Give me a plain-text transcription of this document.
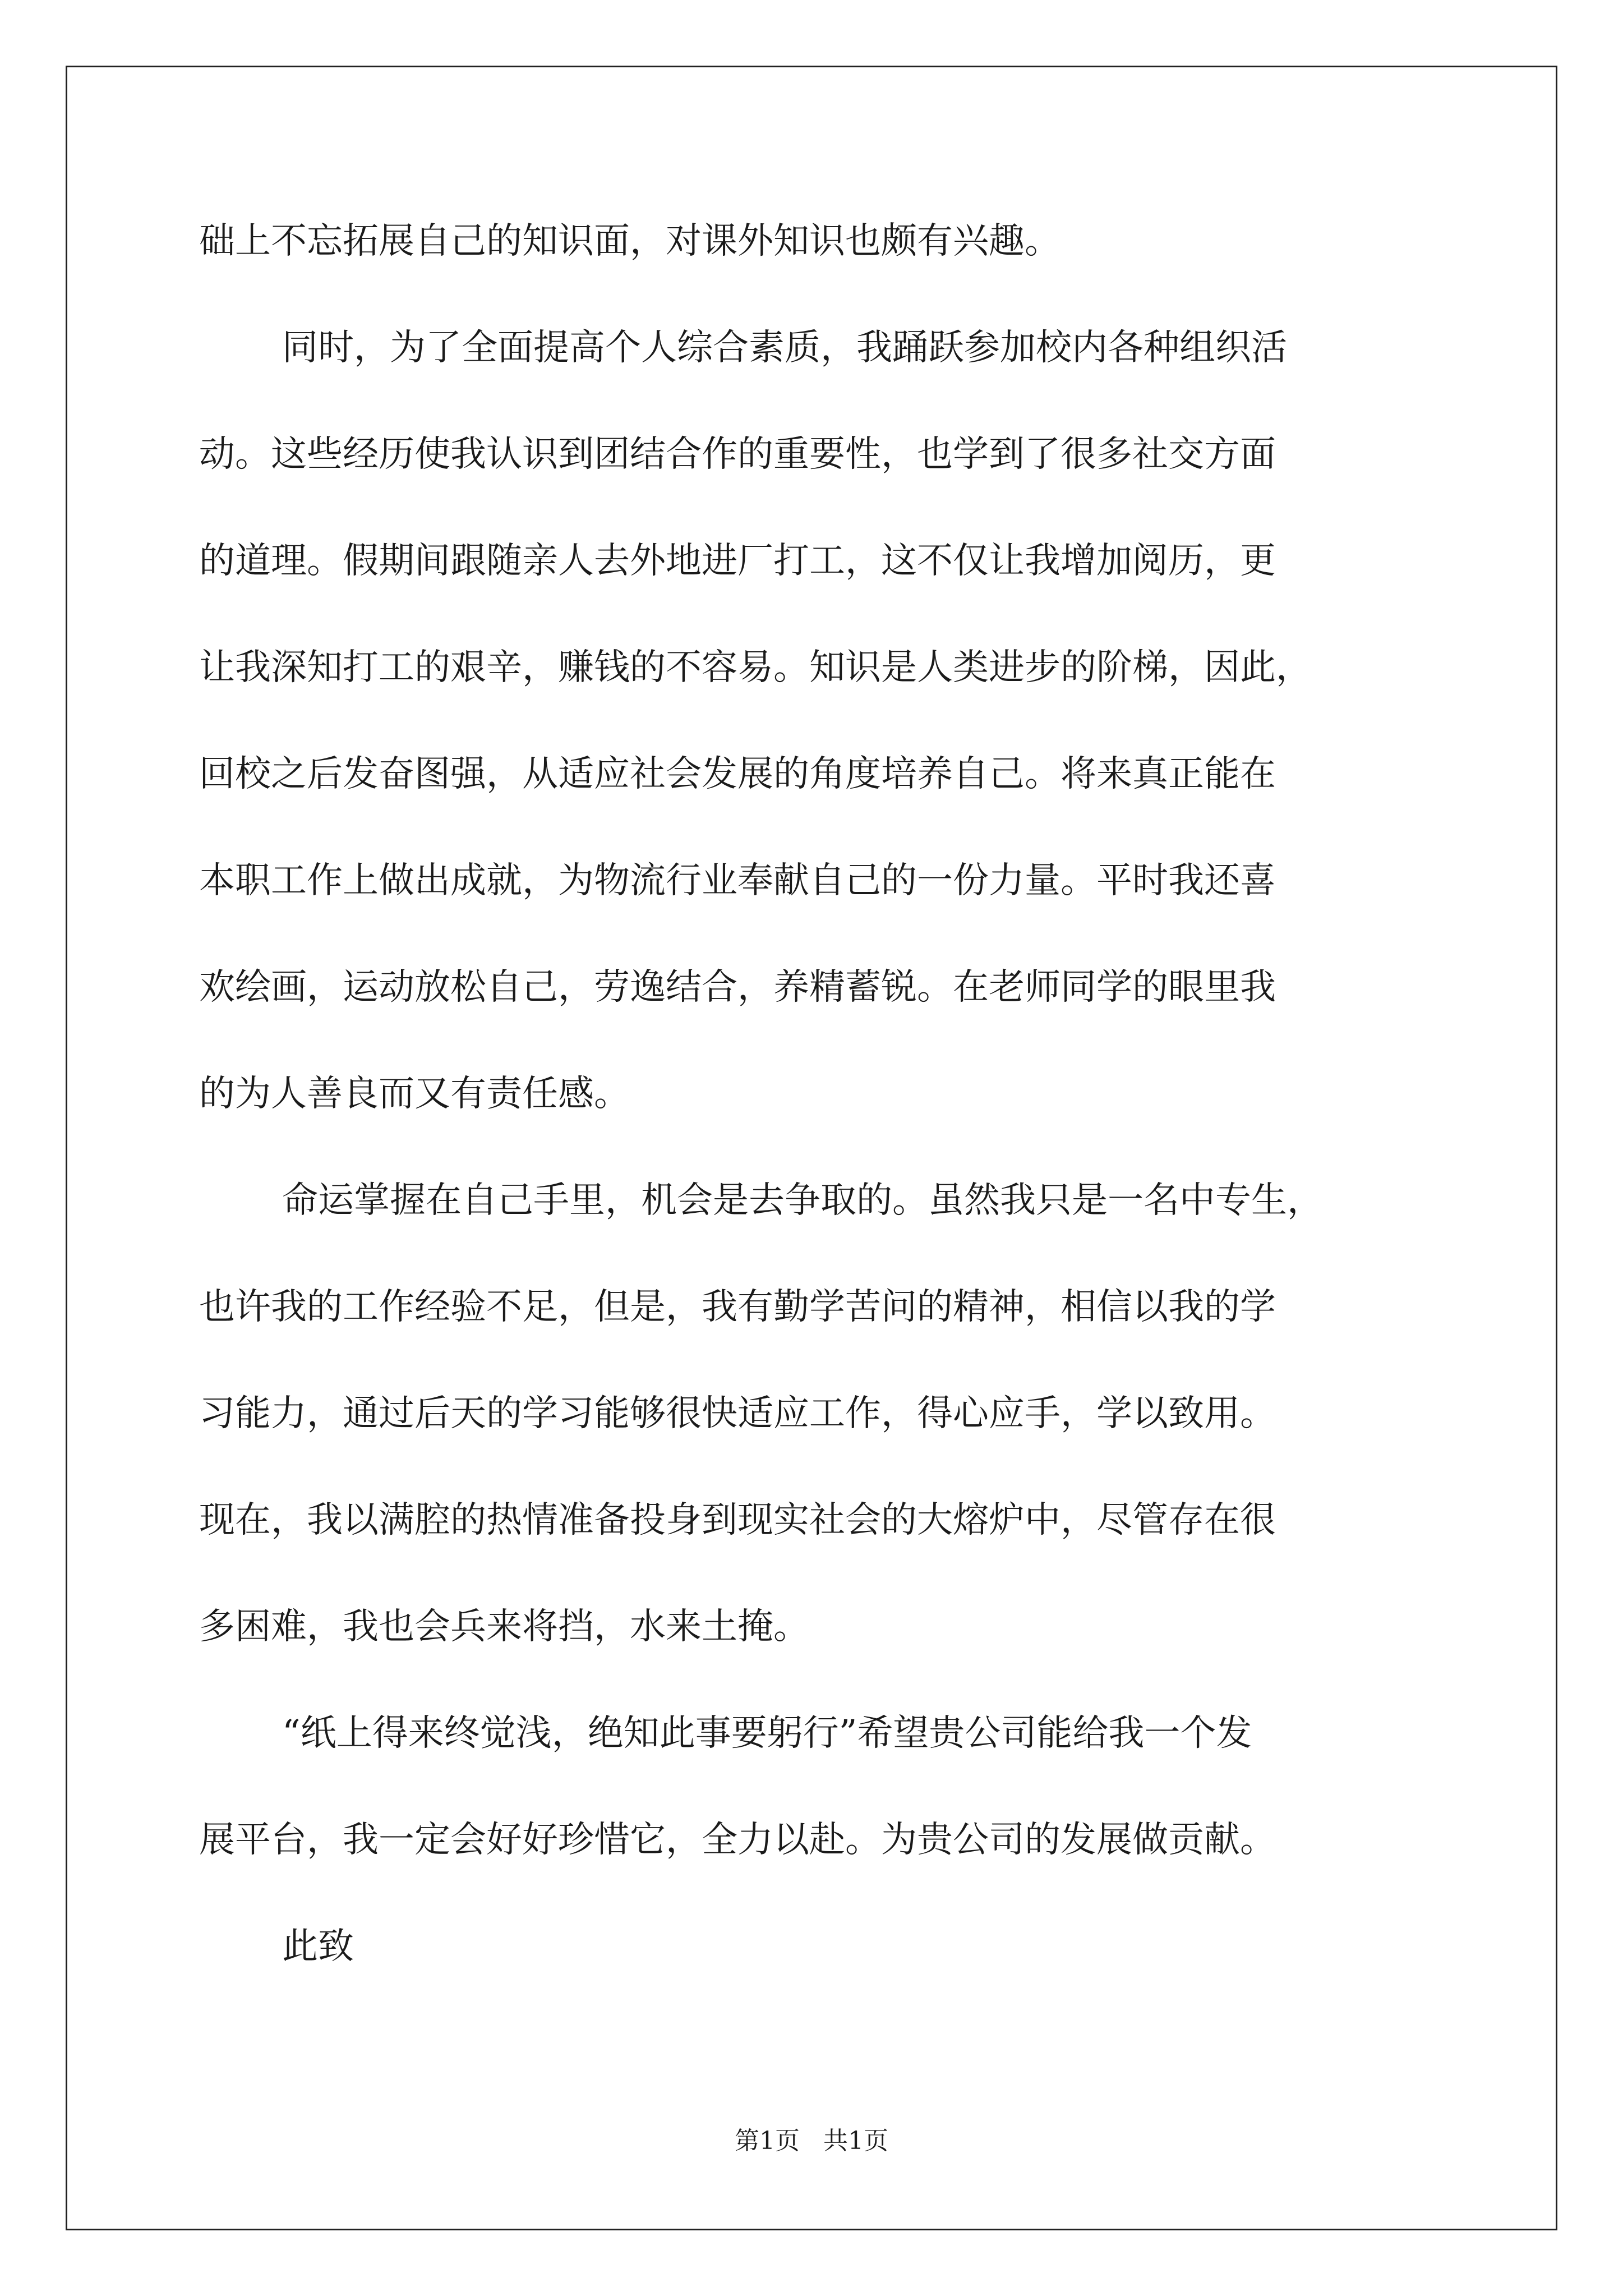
础上不忘拓展自己的知识面，对课外知识也颇有兴趣。
同时，为了全面提高个人综合素质，我踊跃参加校内各种组织活
动。这些经历使我认识到团结合作的重要性，也学到了很多社交方面
的道理。假期间跟随亲人去外地进厂打工，这不仅让我增加阅历，更
让我深知打工的艰辛，赚钱的不容易。知识是人类进步的阶梯，因此，
回校之后发奋图强，从适应社会发展的角度培养自己。将来真正能在
本职工作上做出成就，为物流行业奉献自己的一份力量。平时我还喜
欢绘画，运动放松自己，劳逸结合，养精蓄锐。在老师同学的眼里我
的为人善良而又有责任感。
命运掌握在自己手里，机会是去争取的。虽然我只是一名中专生，
也许我的工作经验不足，但是，我有勤学苦问的精神，相信以我的学
习能力，通过后天的学习能够很快适应工作，得心应手，学以致用。
现在，我以满腔的热情准备投身到现实社会的大熔炉中，尽管存在很
多困难，我也会兵来将挡，水来土掩。
“纸上得来终觉浅，绝知此事要躬行”希望贵公司能给我一个发
展平台，我一定会好好珍惜它，全力以赴。为贵公司的发展做贡献。
此致
第1页   共1页
